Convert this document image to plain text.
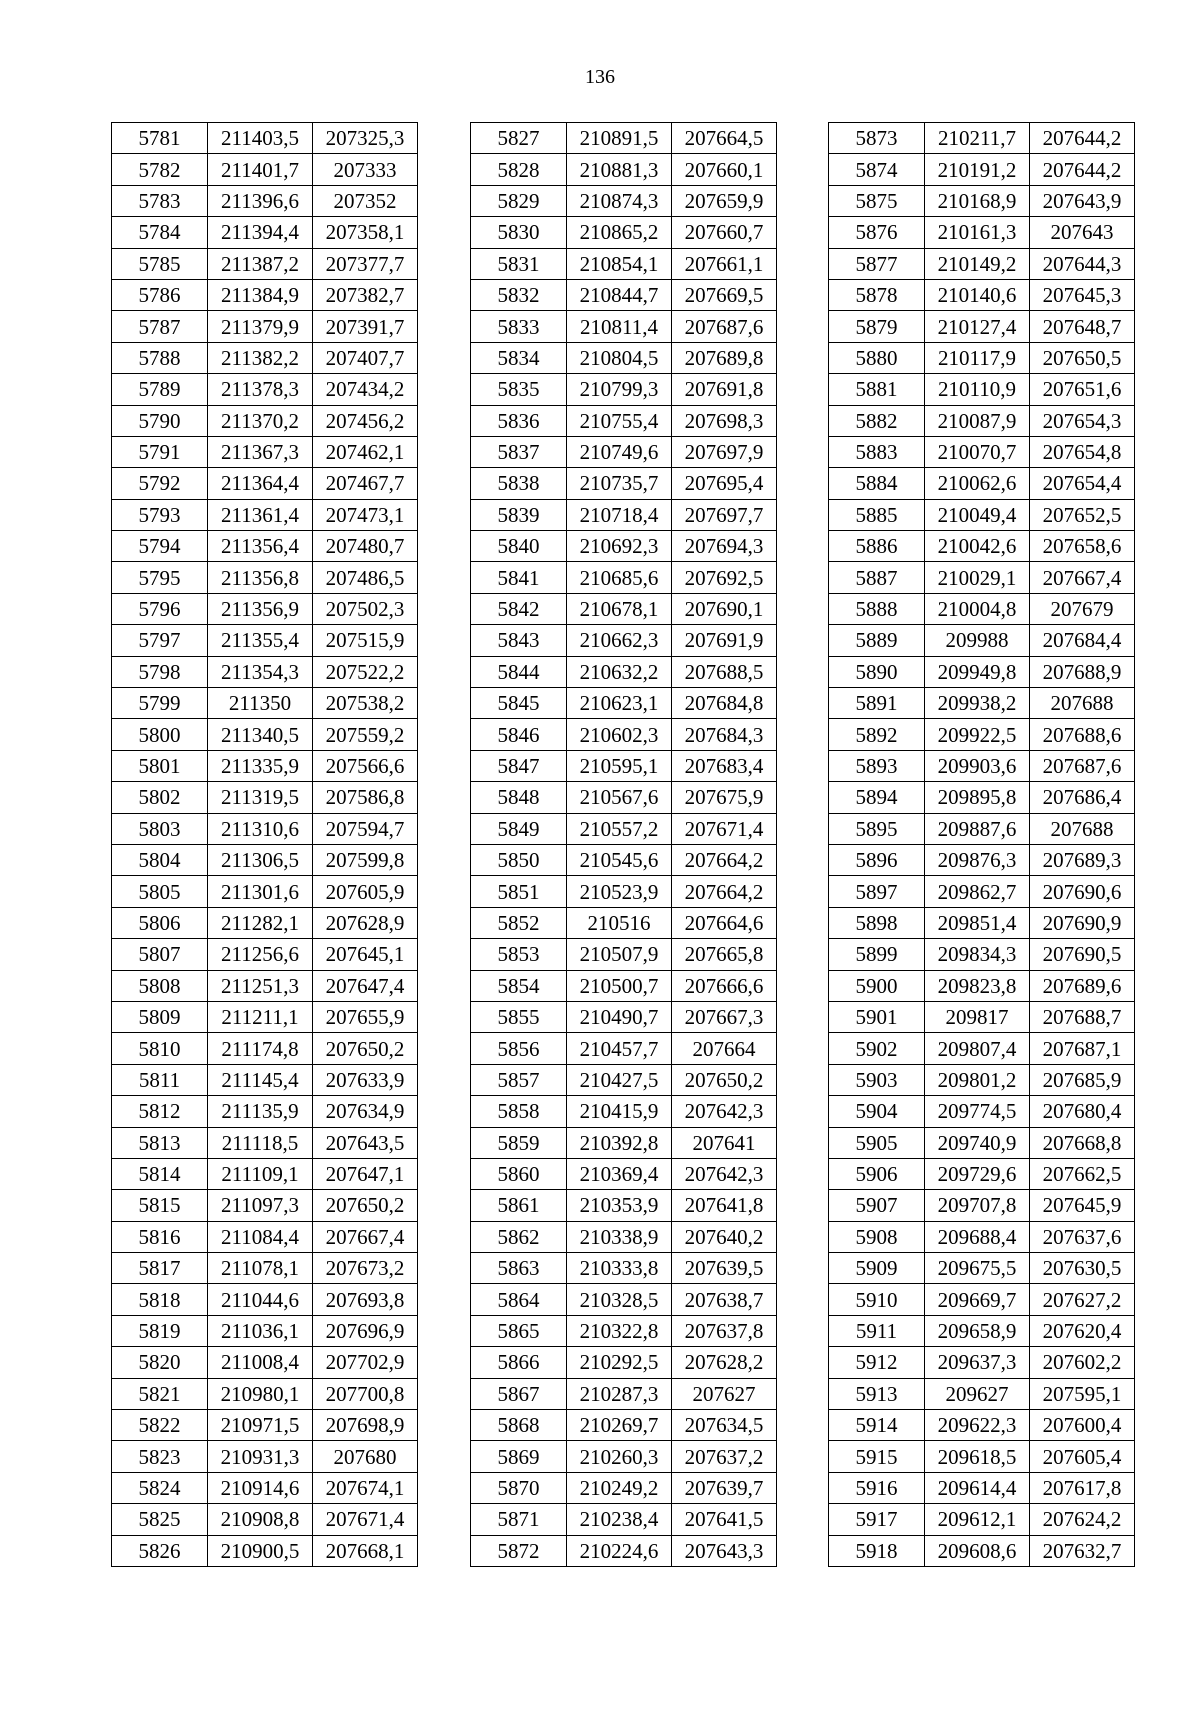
136
5781	211403,5	207325,3
5782	211401,7	207333
5783	211396,6	207352
5784	211394,4	207358,1
5785	211387,2	207377,7
5786	211384,9	207382,7
5787	211379,9	207391,7
5788	211382,2	207407,7
5789	211378,3	207434,2
5790	211370,2	207456,2
5791	211367,3	207462,1
5792	211364,4	207467,7
5793	211361,4	207473,1
5794	211356,4	207480,7
5795	211356,8	207486,5
5796	211356,9	207502,3
5797	211355,4	207515,9
5798	211354,3	207522,2
5799	211350	207538,2
5800	211340,5	207559,2
5801	211335,9	207566,6
5802	211319,5	207586,8
5803	211310,6	207594,7
5804	211306,5	207599,8
5805	211301,6	207605,9
5806	211282,1	207628,9
5807	211256,6	207645,1
5808	211251,3	207647,4
5809	211211,1	207655,9
5810	211174,8	207650,2
5811	211145,4	207633,9
5812	211135,9	207634,9
5813	211118,5	207643,5
5814	211109,1	207647,1
5815	211097,3	207650,2
5816	211084,4	207667,4
5817	211078,1	207673,2
5818	211044,6	207693,8
5819	211036,1	207696,9
5820	211008,4	207702,9
5821	210980,1	207700,8
5822	210971,5	207698,9
5823	210931,3	207680
5824	210914,6	207674,1
5825	210908,8	207671,4
5826	210900,5	207668,1
5827	210891,5	207664,5
5828	210881,3	207660,1
5829	210874,3	207659,9
5830	210865,2	207660,7
5831	210854,1	207661,1
5832	210844,7	207669,5
5833	210811,4	207687,6
5834	210804,5	207689,8
5835	210799,3	207691,8
5836	210755,4	207698,3
5837	210749,6	207697,9
5838	210735,7	207695,4
5839	210718,4	207697,7
5840	210692,3	207694,3
5841	210685,6	207692,5
5842	210678,1	207690,1
5843	210662,3	207691,9
5844	210632,2	207688,5
5845	210623,1	207684,8
5846	210602,3	207684,3
5847	210595,1	207683,4
5848	210567,6	207675,9
5849	210557,2	207671,4
5850	210545,6	207664,2
5851	210523,9	207664,2
5852	210516	207664,6
5853	210507,9	207665,8
5854	210500,7	207666,6
5855	210490,7	207667,3
5856	210457,7	207664
5857	210427,5	207650,2
5858	210415,9	207642,3
5859	210392,8	207641
5860	210369,4	207642,3
5861	210353,9	207641,8
5862	210338,9	207640,2
5863	210333,8	207639,5
5864	210328,5	207638,7
5865	210322,8	207637,8
5866	210292,5	207628,2
5867	210287,3	207627
5868	210269,7	207634,5
5869	210260,3	207637,2
5870	210249,2	207639,7
5871	210238,4	207641,5
5872	210224,6	207643,3
5873	210211,7	207644,2
5874	210191,2	207644,2
5875	210168,9	207643,9
5876	210161,3	207643
5877	210149,2	207644,3
5878	210140,6	207645,3
5879	210127,4	207648,7
5880	210117,9	207650,5
5881	210110,9	207651,6
5882	210087,9	207654,3
5883	210070,7	207654,8
5884	210062,6	207654,4
5885	210049,4	207652,5
5886	210042,6	207658,6
5887	210029,1	207667,4
5888	210004,8	207679
5889	209988	207684,4
5890	209949,8	207688,9
5891	209938,2	207688
5892	209922,5	207688,6
5893	209903,6	207687,6
5894	209895,8	207686,4
5895	209887,6	207688
5896	209876,3	207689,3
5897	209862,7	207690,6
5898	209851,4	207690,9
5899	209834,3	207690,5
5900	209823,8	207689,6
5901	209817	207688,7
5902	209807,4	207687,1
5903	209801,2	207685,9
5904	209774,5	207680,4
5905	209740,9	207668,8
5906	209729,6	207662,5
5907	209707,8	207645,9
5908	209688,4	207637,6
5909	209675,5	207630,5
5910	209669,7	207627,2
5911	209658,9	207620,4
5912	209637,3	207602,2
5913	209627	207595,1
5914	209622,3	207600,4
5915	209618,5	207605,4
5916	209614,4	207617,8
5917	209612,1	207624,2
5918	209608,6	207632,7
